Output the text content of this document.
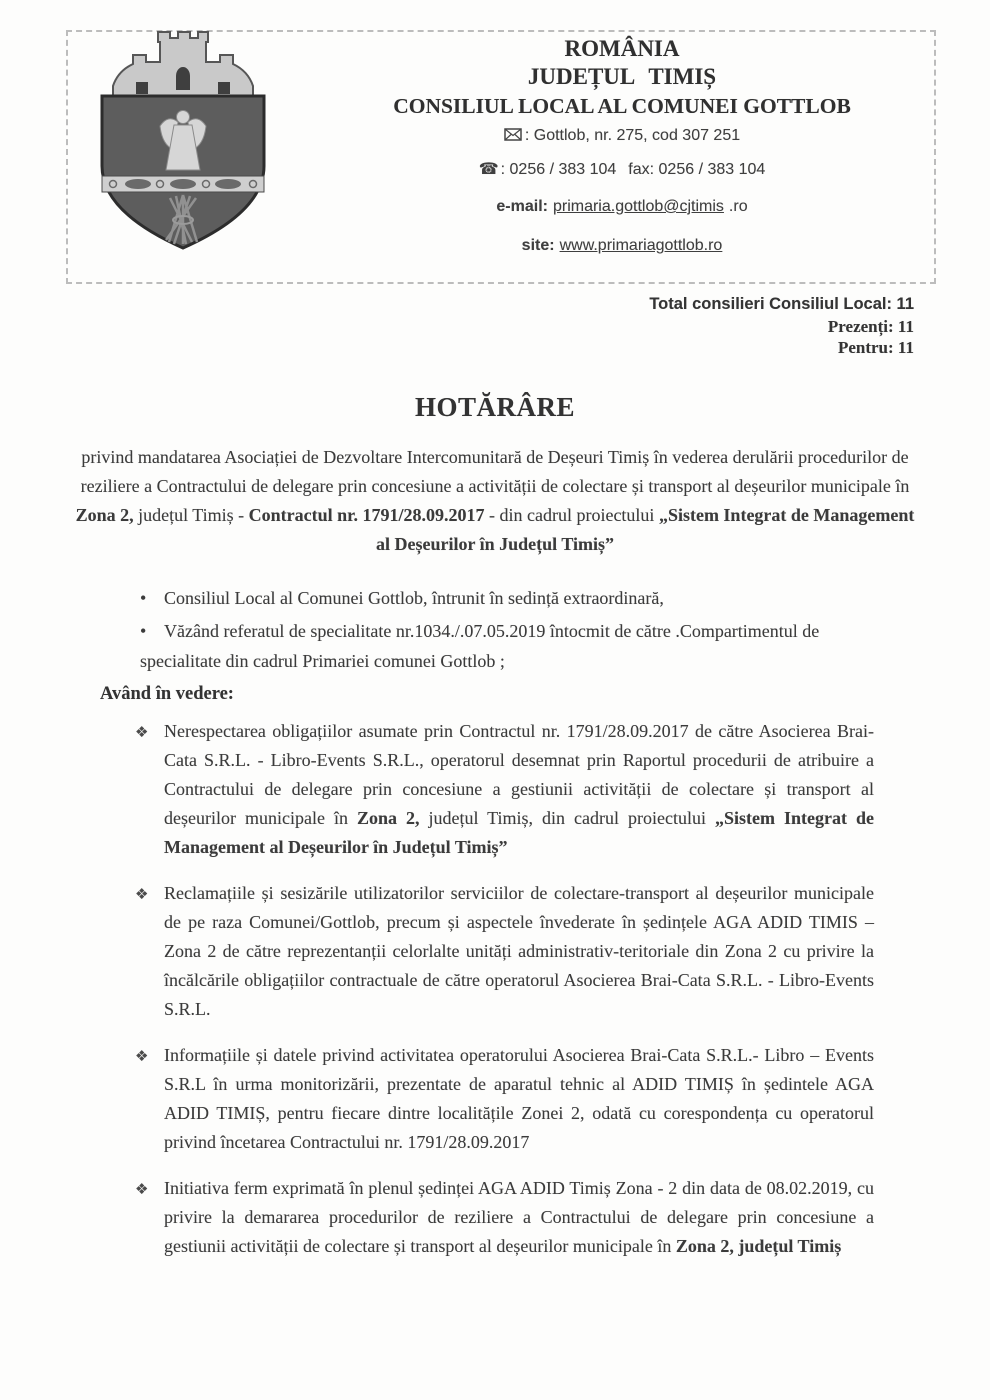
ROMÂNIA
JUDEȚUL TIMIȘ
CONSILIUL LOCAL AL COMUNEI GOTTLOB
: Gottlob, nr. 275, cod 307 251
☎ : 0256 / 383 104 fax: 0256 / 383 104
e-mail: primaria.gottlob@cjtimis .ro
site: www.primariagottlob.ro
Total consilieri Consiliul Local: 11
Prezenți: 11
Pentru: 11
HOTĂRÂRE

privind mandatarea Asociației de Dezvoltare Intercomunitară de Deșeuri Timiș în vederea derulării procedurilor de reziliere a Contractului de delegare prin concesiune a activității de colectare și transport al deșeurilor municipale în Zona 2, județul Timiș - Contractul nr. 1791/28.09.2017 - din cadrul proiectului „Sistem Integrat de Management al Deșeurilor în Județul Timiș”

• Consiliul Local al Comunei Gottlob, întrunit în sedință extraordinară,
• Văzând referatul de specialitate nr.1034./.07.05.2019 întocmit de către .Compartimentul de specialitate din cadrul Primariei comunei Gottlob ;
Având în vedere:
❖ Nerespectarea obligațiilor asumate prin Contractul nr. 1791/28.09.2017 de către Asocierea Brai-Cata S.R.L. - Libro-Events S.R.L., operatorul desemnat prin Raportul procedurii de atribuire a Contractului de delegare prin concesiune a gestiunii activității de colectare și transport al deșeurilor municipale în Zona 2, județul Timiș, din cadrul proiectului „Sistem Integrat de Management al Deșeurilor în Județul Timiș”
❖ Reclamațiile și sesizările utilizatorilor serviciilor de colectare-transport al deșeurilor municipale de pe raza Comunei/Gottlob, precum și aspectele învederate în ședințele AGA ADID TIMIS – Zona 2 de către reprezentanții celorlalte unități administrativ-teritoriale din Zona 2 cu privire la încălcările obligațiilor contractuale de către operatorul Asocierea Brai-Cata S.R.L. - Libro-Events S.R.L.
❖ Informațiile și datele privind activitatea operatorului Asocierea Brai-Cata S.R.L.- Libro – Events S.R.L în urma monitorizării, prezentate de aparatul tehnic al ADID TIMIȘ în ședintele AGA ADID TIMIȘ, pentru fiecare dintre localitățile Zonei 2, odată cu corespondența cu operatorul privind încetarea Contractului nr. 1791/28.09.2017
❖ Initiativa ferm exprimată în plenul ședinței AGA ADID Timiș Zona - 2 din data de 08.02.2019, cu privire la demararea procedurilor de reziliere a Contractului de delegare prin concesiune a gestiunii activității de colectare și transport al deșeurilor municipale în Zona 2, județul Timiș
